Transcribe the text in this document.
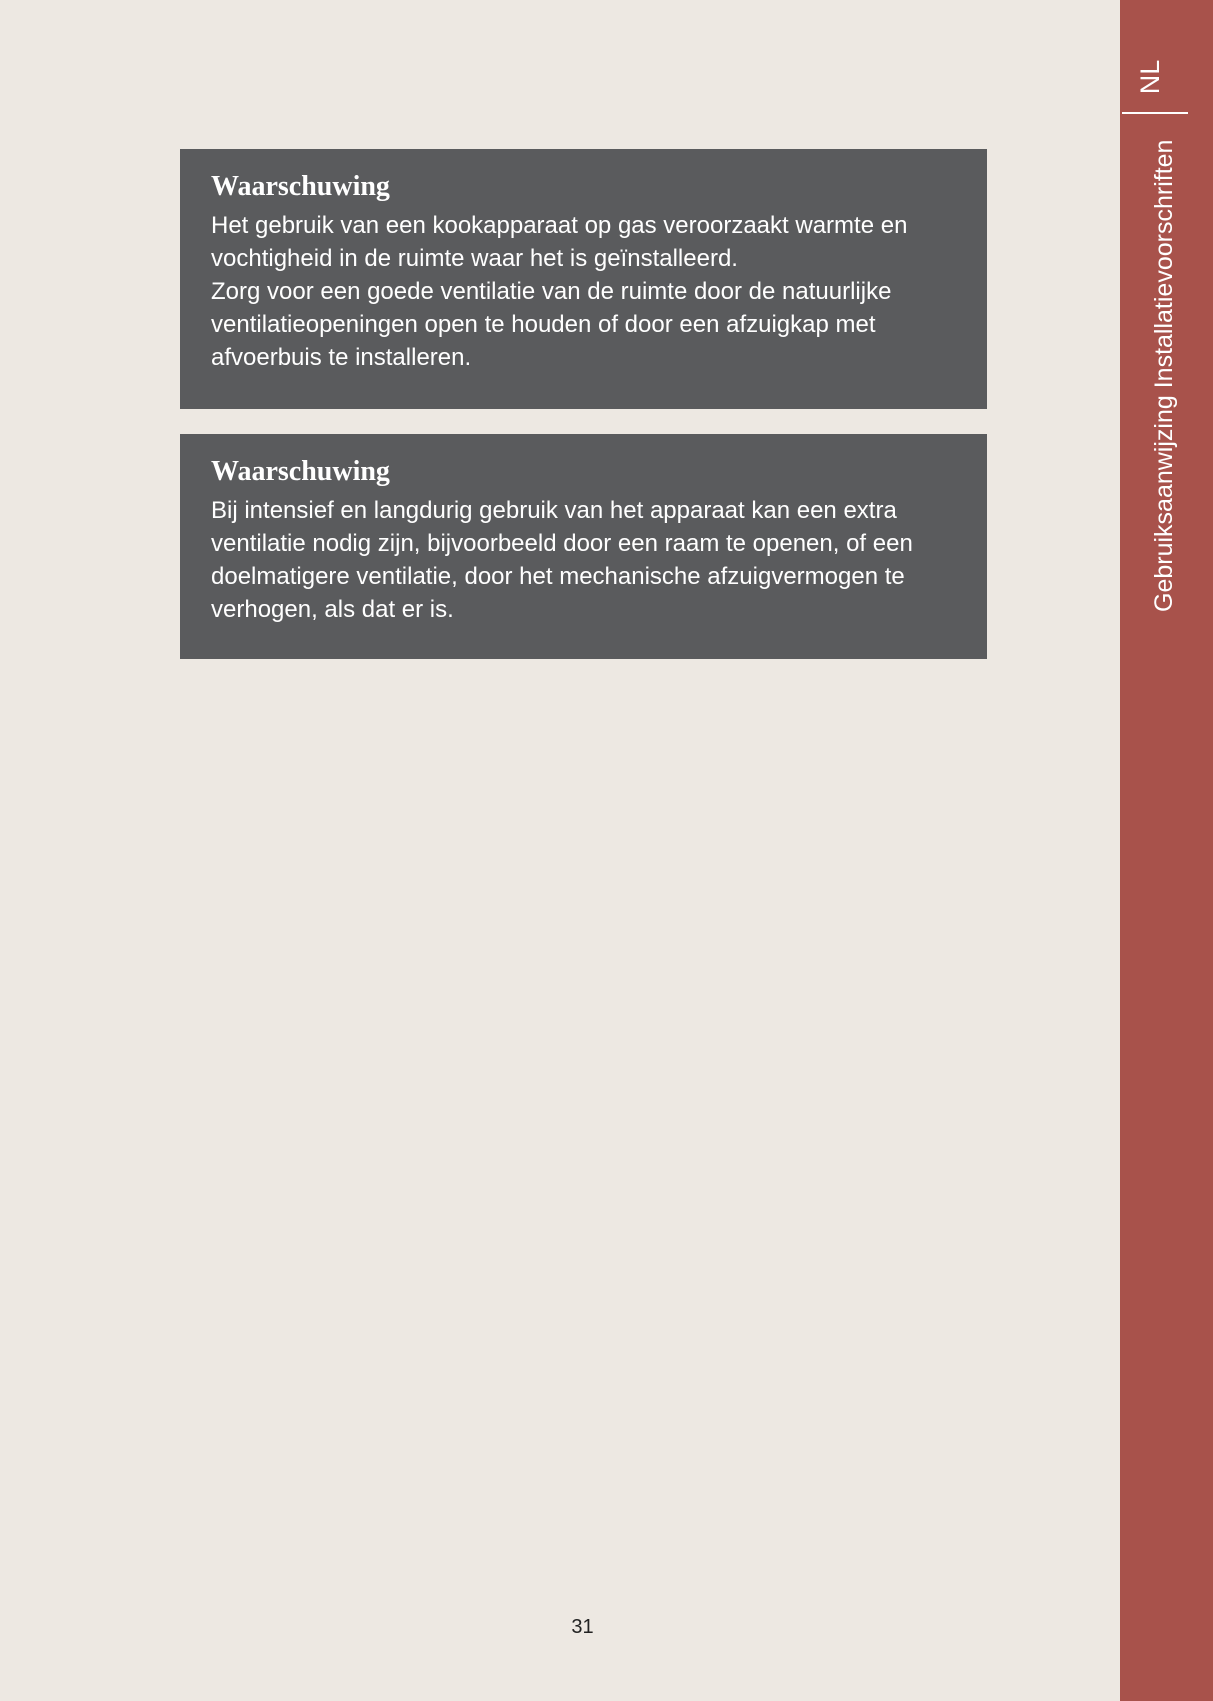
NL
Gebruiksaanwijzing Installatievoorschriften
Waarschuwing

Het gebruik van een kookapparaat op gas veroorzaakt warmte en
vochtigheid in de ruimte waar het is geïnstalleerd.
Zorg voor een goede ventilatie van de ruimte door de natuurlijke
ventilatieopeningen open te houden of door een afzuigkap met
afvoerbuis te installeren.

Waarschuwing

Bij intensief en langdurig gebruik van het apparaat kan een extra
ventilatie nodig zijn, bijvoorbeeld door een raam te openen, of een
doelmatigere ventilatie, door het mechanische afzuigvermogen te
verhogen, als dat er is.

31
